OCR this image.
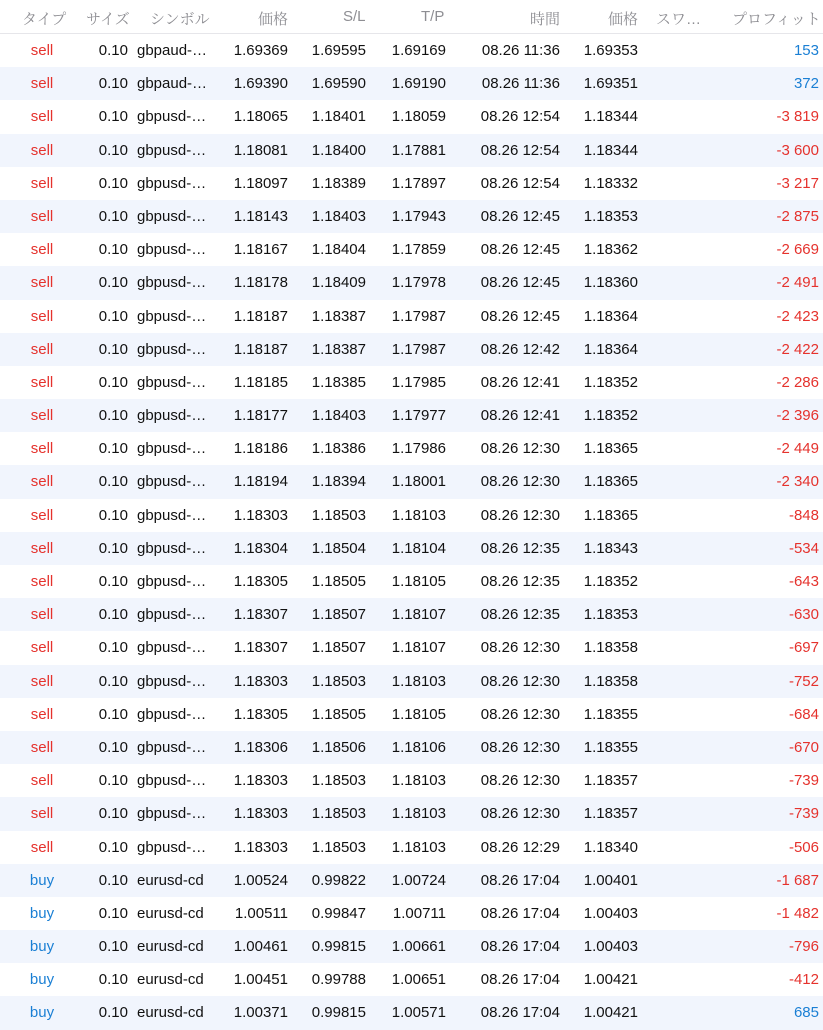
タイプ サイズ シンボル	価格	S/L	T/P	時間	価格 スワ… プロフィット
sell	0.10 gbpaud-…	1.69369	1.69595	1.69169	08.26 11:36	1.69353	153
sell	0.10 gbpaud-…	1.69390	1.69590	1.69190	08.26 11:36	1.69351	372
sell	0.10 gbpusd-…	1.18065	1.18401	1.18059	08.26 12:54	1.18344	-3 819
sell	0.10 gbpusd-…	1.18081	1.18400	1.17881	08.26 12:54	1.18344	-3 600
sell	0.10 gbpusd-…	1.18097	1.18389	1.17897	08.26 12:54	1.18332	-3 217
sell	0.10 gbpusd-…	1.18143	1.18403	1.17943	08.26 12:45	1.18353	-2 875
sell	0.10 gbpusd-…	1.18167	1.18404	1.17859	08.26 12:45	1.18362	-2 669
sell	0.10 gbpusd-…	1.18178	1.18409	1.17978	08.26 12:45	1.18360	-2 491
sell	0.10 gbpusd-…	1.18187	1.18387	1.17987	08.26 12:45	1.18364	-2 423
sell	0.10 gbpusd-…	1.18187	1.18387	1.17987	08.26 12:42	1.18364	-2 422
sell	0.10 gbpusd-…	1.18185	1.18385	1.17985	08.26 12:41	1.18352	-2 286
sell	0.10 gbpusd-…	1.18177	1.18403	1.17977	08.26 12:41	1.18352	-2 396
sell	0.10 gbpusd-…	1.18186	1.18386	1.17986	08.26 12:30	1.18365	-2 449
sell	0.10 gbpusd-…	1.18194	1.18394	1.18001	08.26 12:30	1.18365	-2 340
sell	0.10 gbpusd-…	1.18303	1.18503	1.18103	08.26 12:30	1.18365	-848
sell	0.10 gbpusd-…	1.18304	1.18504	1.18104	08.26 12:35	1.18343	-534
sell	0.10 gbpusd-…	1.18305	1.18505	1.18105	08.26 12:35	1.18352	-643
sell	0.10 gbpusd-…	1.18307	1.18507	1.18107	08.26 12:35	1.18353	-630
sell	0.10 gbpusd-…	1.18307	1.18507	1.18107	08.26 12:30	1.18358	-697
sell	0.10 gbpusd-…	1.18303	1.18503	1.18103	08.26 12:30	1.18358	-752
sell	0.10 gbpusd-…	1.18305	1.18505	1.18105	08.26 12:30	1.18355	-684
sell	0.10 gbpusd-…	1.18306	1.18506	1.18106	08.26 12:30	1.18355	-670
sell	0.10 gbpusd-…	1.18303	1.18503	1.18103	08.26 12:30	1.18357	-739
sell	0.10 gbpusd-…	1.18303	1.18503	1.18103	08.26 12:30	1.18357	-739
sell	0.10 gbpusd-…	1.18303	1.18503	1.18103	08.26 12:29	1.18340	-506
buy	0.10 eurusd-cd	1.00524	0.99822	1.00724	08.26 17:04	1.00401	-1 687
buy	0.10 eurusd-cd	1.00511	0.99847	1.00711	08.26 17:04	1.00403	-1 482
buy	0.10 eurusd-cd	1.00461	0.99815	1.00661	08.26 17:04	1.00403	-796
buy	0.10 eurusd-cd	1.00451	0.99788	1.00651	08.26 17:04	1.00421	-412
buy	0.10 eurusd-cd	1.00371	0.99815	1.00571	08.26 17:04	1.00421	685
